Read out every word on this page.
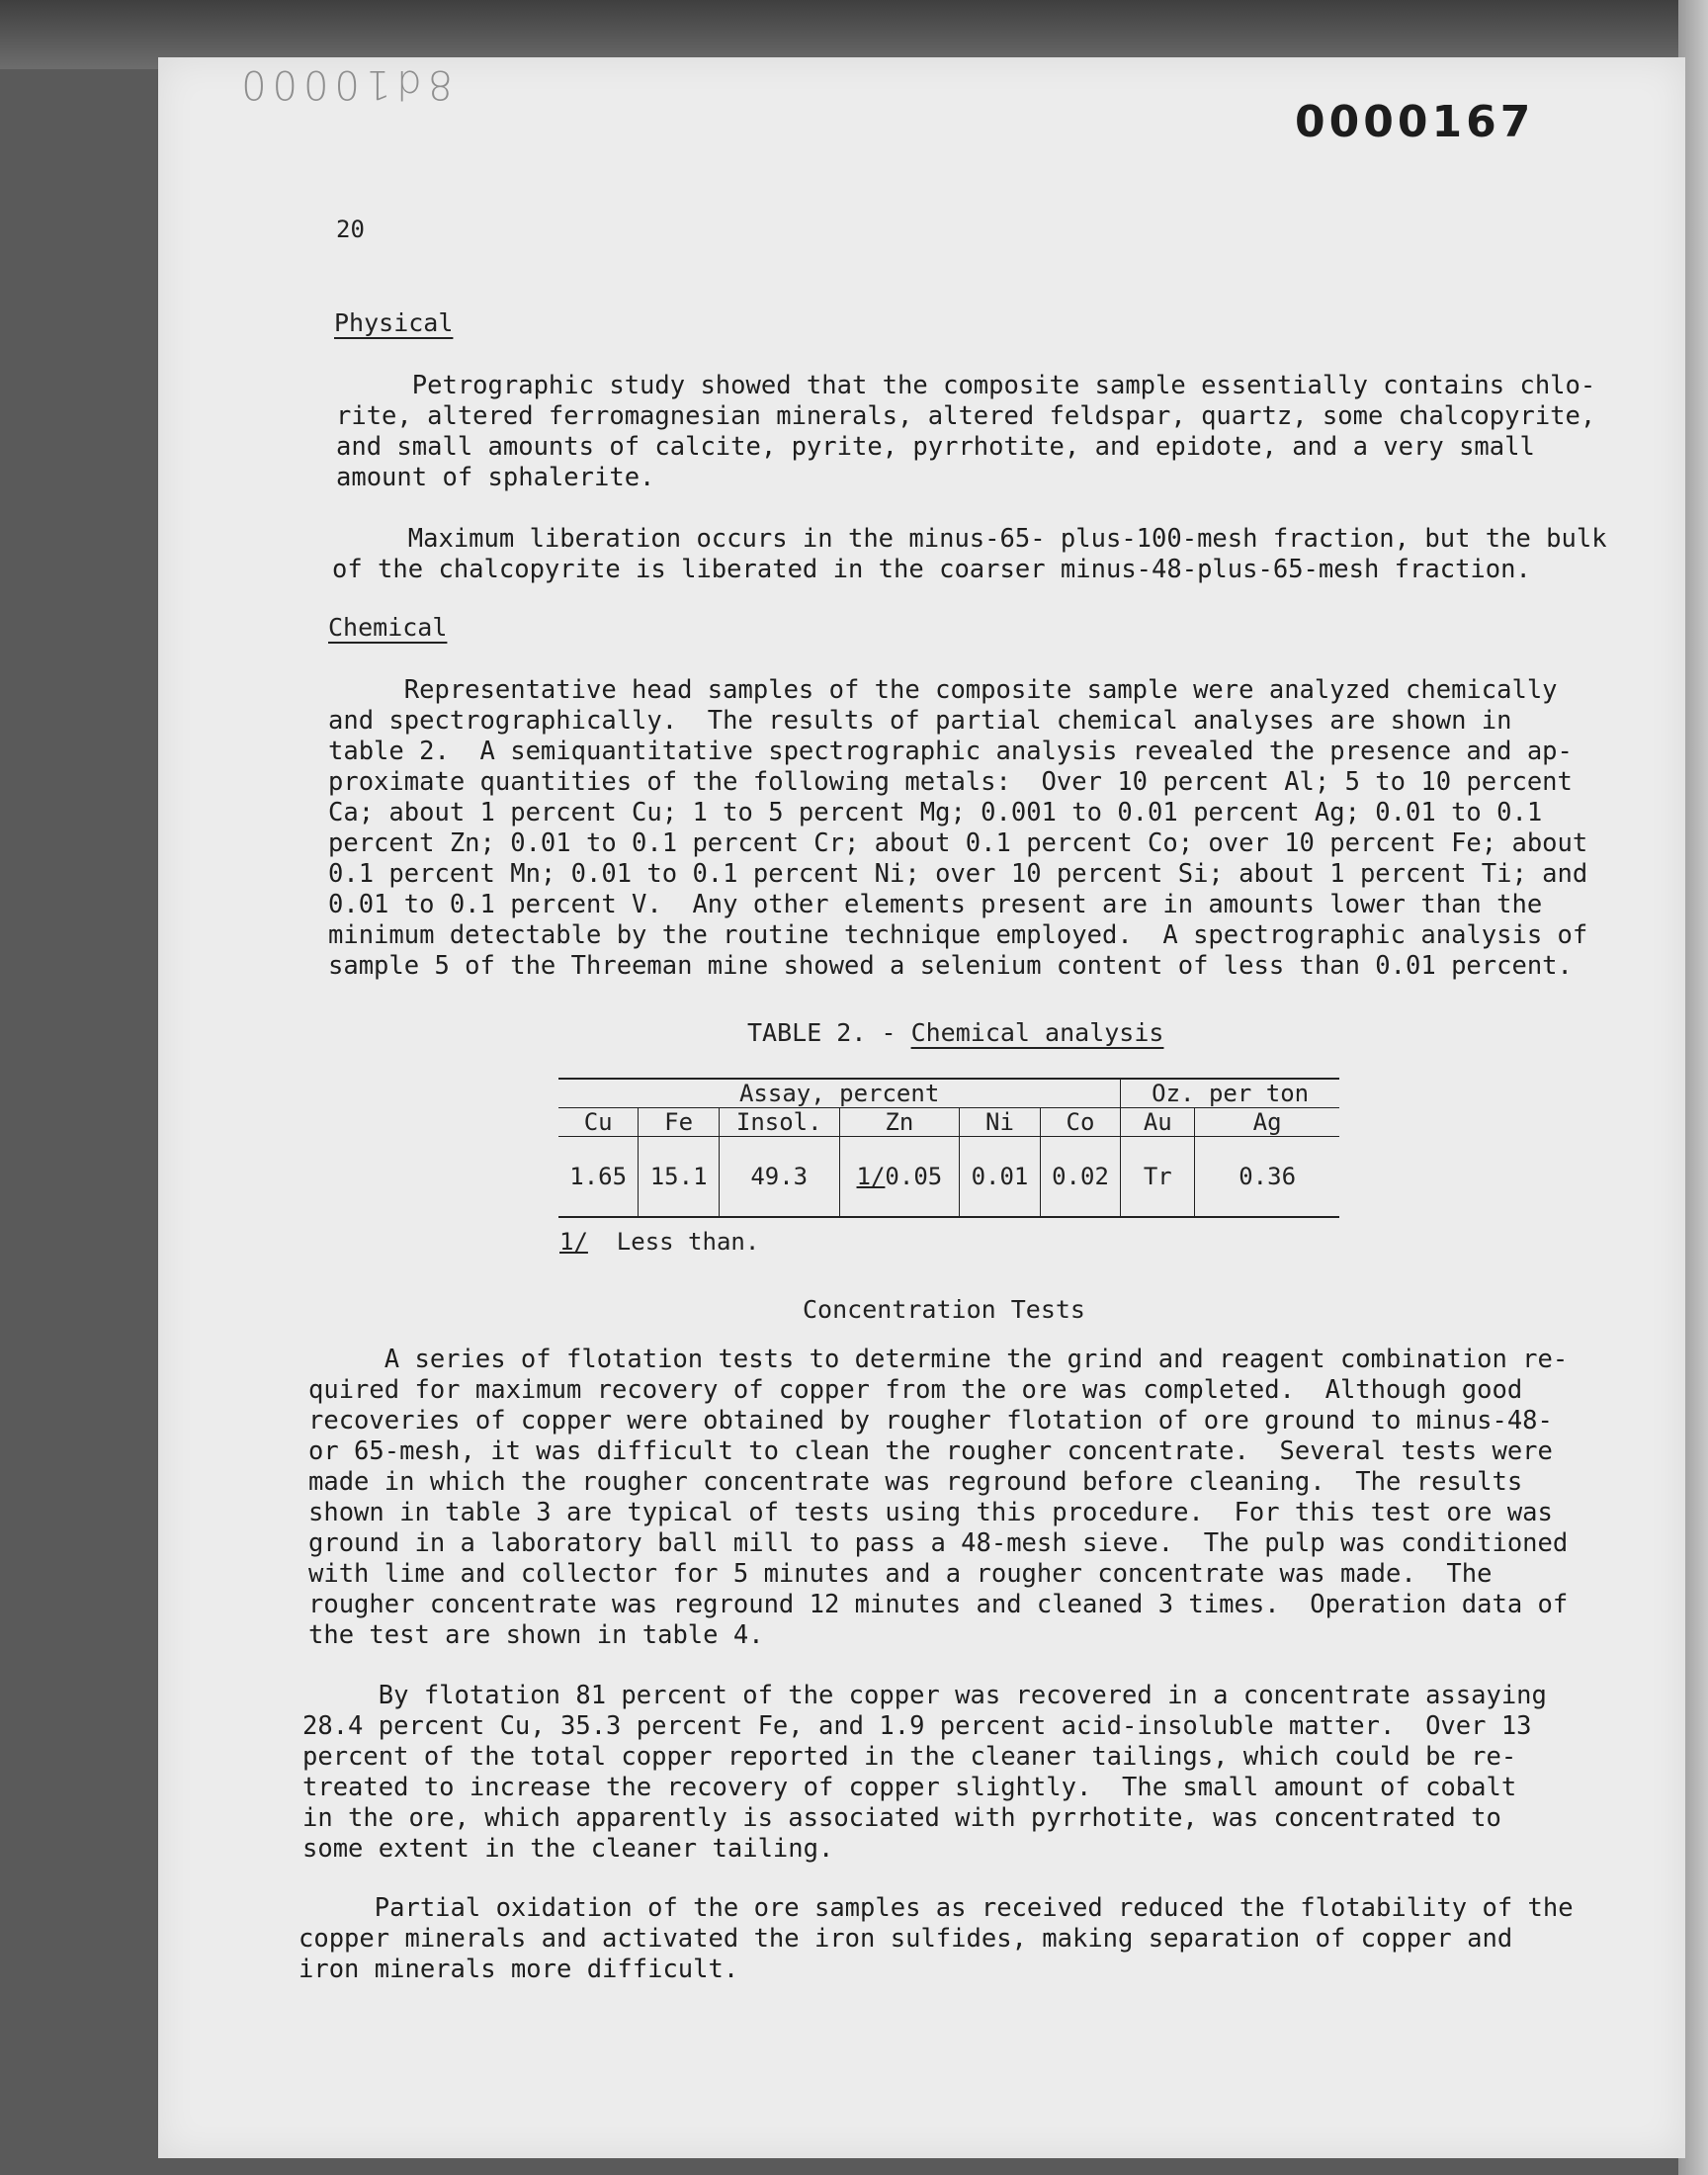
8d10000
0000167
20
Physical
Petrographic study showed that the composite sample essentially contains chlo-
rite, altered ferromagnesian minerals, altered feldspar, quartz, some chalcopyrite,
and small amounts of calcite, pyrite, pyrrhotite, and epidote, and a very small
amount of sphalerite.
Maximum liberation occurs in the minus-65- plus-100-mesh fraction, but the bulk
of the chalcopyrite is liberated in the coarser minus-48-plus-65-mesh fraction.
Chemical
Representative head samples of the composite sample were analyzed chemically
and spectrographically.  The results of partial chemical analyses are shown in
table 2.  A semiquantitative spectrographic analysis revealed the presence and ap-
proximate quantities of the following metals:  Over 10 percent Al; 5 to 10 percent
Ca; about 1 percent Cu; 1 to 5 percent Mg; 0.001 to 0.01 percent Ag; 0.01 to 0.1
percent Zn; 0.01 to 0.1 percent Cr; about 0.1 percent Co; over 10 percent Fe; about
0.1 percent Mn; 0.01 to 0.1 percent Ni; over 10 percent Si; about 1 percent Ti; and
0.01 to 0.1 percent V.  Any other elements present are in amounts lower than the
minimum detectable by the routine technique employed.  A spectrographic analysis of
sample 5 of the Threeman mine showed a selenium content of less than 0.01 percent.
TABLE 2. - Chemical analysis
Assay, percent						Oz. per ton	
Cu	Fe	Insol.	Zn	Ni	Co	Au	Ag
1.65	15.1	49.3	1/0.05	0.01	0.02	Tr	0.36
1/  Less than.
Concentration Tests
A series of flotation tests to determine the grind and reagent combination re-
quired for maximum recovery of copper from the ore was completed.  Although good
recoveries of copper were obtained by rougher flotation of ore ground to minus-48-
or 65-mesh, it was difficult to clean the rougher concentrate.  Several tests were
made in which the rougher concentrate was reground before cleaning.  The results
shown in table 3 are typical of tests using this procedure.  For this test ore was
ground in a laboratory ball mill to pass a 48-mesh sieve.  The pulp was conditioned
with lime and collector for 5 minutes and a rougher concentrate was made.  The
rougher concentrate was reground 12 minutes and cleaned 3 times.  Operation data of
the test are shown in table 4.
By flotation 81 percent of the copper was recovered in a concentrate assaying
28.4 percent Cu, 35.3 percent Fe, and 1.9 percent acid-insoluble matter.  Over 13
percent of the total copper reported in the cleaner tailings, which could be re-
treated to increase the recovery of copper slightly.  The small amount of cobalt
in the ore, which apparently is associated with pyrrhotite, was concentrated to
some extent in the cleaner tailing.
Partial oxidation of the ore samples as received reduced the flotability of the
copper minerals and activated the iron sulfides, making separation of copper and
iron minerals more difficult.
